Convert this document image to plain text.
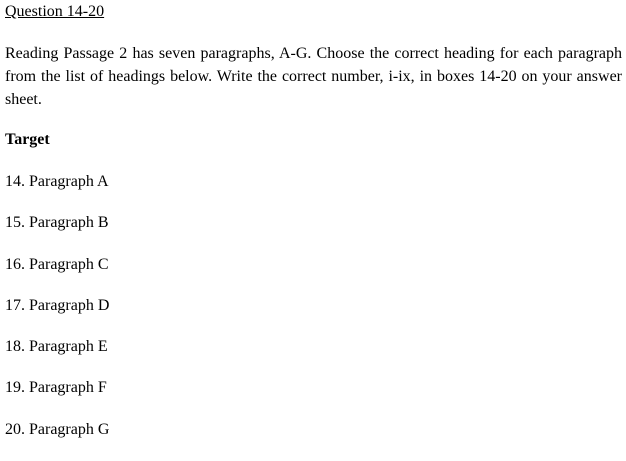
Question 14-20

Reading Passage 2 has seven paragraphs, A-G. Choose the correct heading for each paragraph from the list of headings below. Write the correct number, i-ix, in boxes 14-20 on your answer sheet.

Target
14. Paragraph A
15. Paragraph B
16. Paragraph C
17. Paragraph D
18. Paragraph E
19. Paragraph F
20. Paragraph G
